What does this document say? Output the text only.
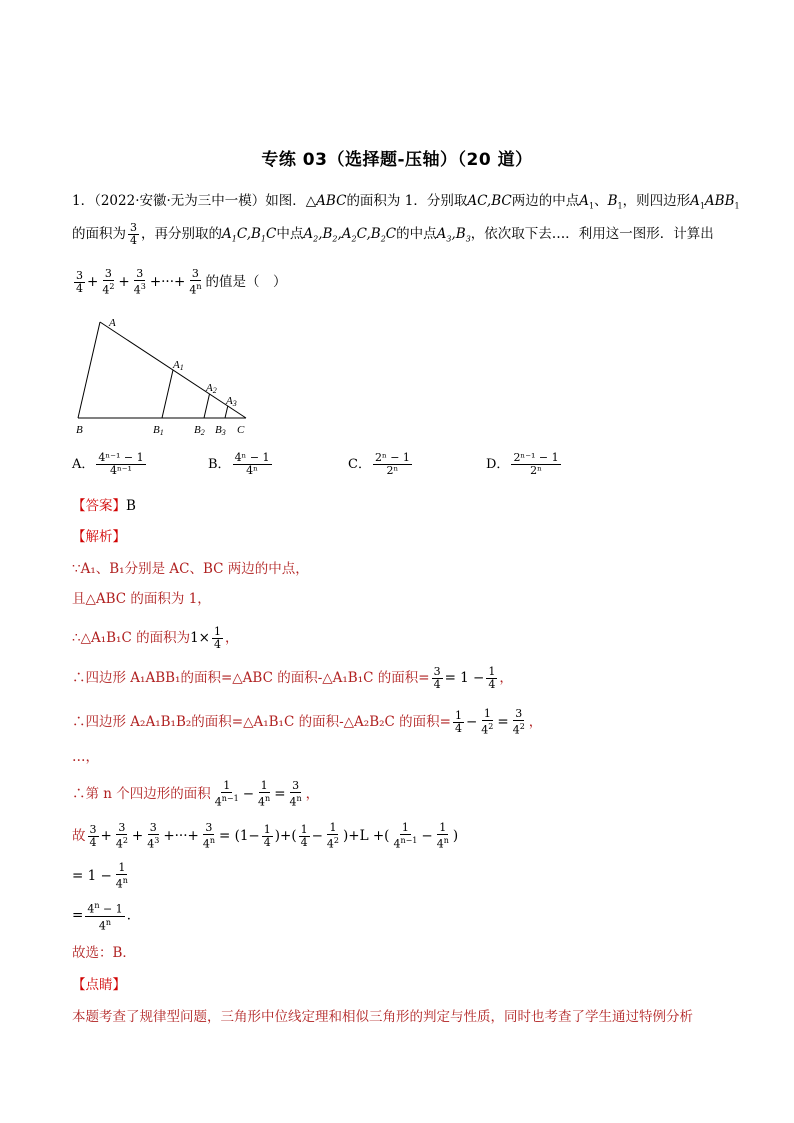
专练 03（选择题-压轴）（20 道）
1．（2022·安徽·无为三中一模）如图．△ABC的面积为 1．分别取AC,BC两边的中点$A_1$、$B_1$，则四边形$A_1ABB_1$
的面积为 $\frac{3}{4}$ ，再分别取的$A_1C,B_1C$中点$A_2,B_2,A_2C,B_2C$的中点$A_3,B_3$，依次取下去…．利用这一图形．计算出
$\frac{3}{4} + \frac{3}{4^2} + \frac{3}{4^3}$ +···+ $\frac{3}{4^n}$ 的值是（　）
A
A1
A2
A3
B	B1	B2 B3 C
A． $\frac{\text{4ⁿ⁻¹ − 1}}{\text{4ⁿ⁻¹}}$	B． $\frac{\text{4ⁿ − 1}}{\text{4ⁿ}}$	C． $\frac{\text{2ⁿ − 1}}{\text{2ⁿ}}$	D． $\frac{\text{2ⁿ⁻¹ − 1}}{\text{2ⁿ}}$
【答案】B
【解析】
∵A₁、B₁分别是 AC、BC 两边的中点，
且△ABC 的面积为 1，
∴△A₁B₁C 的面积为$1\times \frac{1}{4}$ ，
∴四边形 A₁ABB₁的面积=△ABC 的面积-△A₁B₁C 的面积= $\frac{3}{4} = 1 - \frac{1}{4}$ ，
∴四边形 A₂A₁B₁B₂的面积=△A₁B₁C 的面积-△A₂B₂C 的面积= $\frac{1}{4} - \frac{1}{4^2} = \frac{3}{4^2}$ ，
…，
∴第 n 个四边形的面积 $\frac{1}{4^{n-1}} - \frac{1}{4^n} = \frac{3}{4^n}$ ，
故 $\frac{3}{4} + \frac{3}{4^2} + \frac{3}{4^3}$ +···+ $\frac{3}{4^n} = (1- \frac{1}{4}$ )+( $\frac{1}{4} - \frac{1}{4^2} )+L$ +( $\frac{1}{4^{n-1}} - \frac{1}{4^n}$ )
= $1 - \frac{1}{4^n}$
= $\frac{4^n - 1}{4^n}$ ．
故选：B．
【点睛】
本题考查了规律型问题，三角形中位线定理和相似三角形的判定与性质，同时也考查了学生通过特例分析
